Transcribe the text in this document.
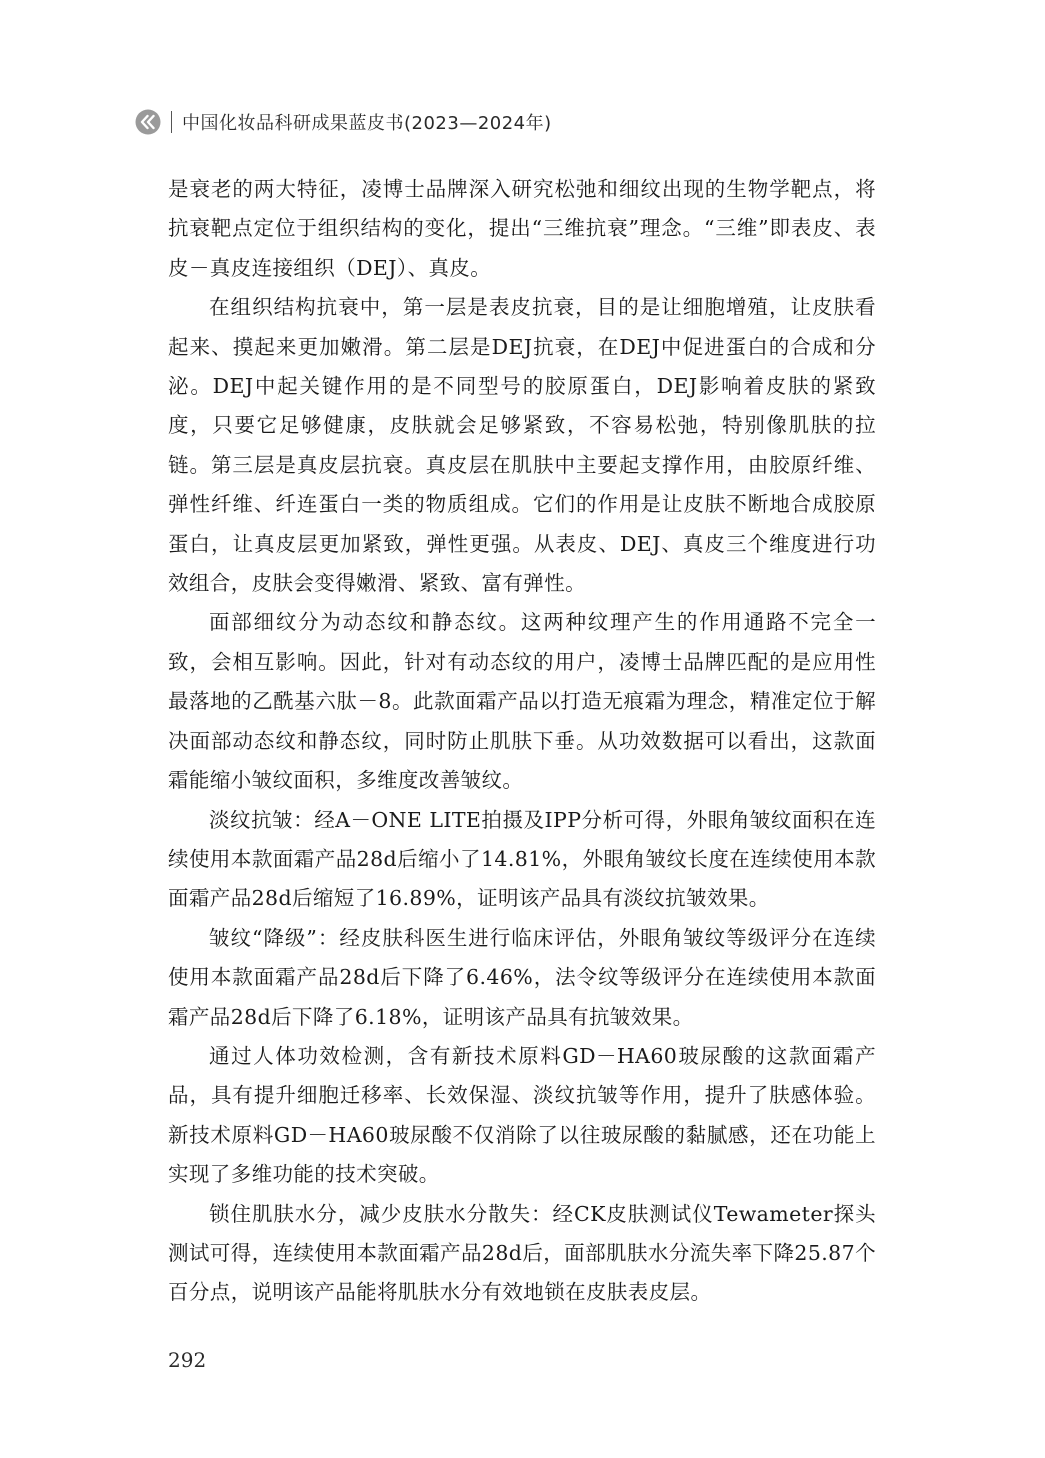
中国化妆品科研成果蓝皮书(2023—2024年)

是衰老的两大特征，凌博士品牌深入研究松弛和细纹出现的生物学靶点，将抗衰靶点定位于组织结构的变化，提出“三维抗衰”理念。“三维”即表皮、表皮－真皮连接组织（DEJ）、真皮。

在组织结构抗衰中，第一层是表皮抗衰，目的是让细胞增殖，让皮肤看起来、摸起来更加嫩滑。第二层是DEJ抗衰，在DEJ中促进蛋白的合成和分泌。DEJ中起关键作用的是不同型号的胶原蛋白，DEJ影响着皮肤的紧致度，只要它足够健康，皮肤就会足够紧致，不容易松弛，特别像肌肤的拉链。第三层是真皮层抗衰。真皮层在肌肤中主要起支撑作用，由胶原纤维、弹性纤维、纤连蛋白一类的物质组成。它们的作用是让皮肤不断地合成胶原蛋白，让真皮层更加紧致，弹性更强。从表皮、DEJ、真皮三个维度进行功效组合，皮肤会变得嫩滑、紧致、富有弹性。

面部细纹分为动态纹和静态纹。这两种纹理产生的作用通路不完全一致，会相互影响。因此，针对有动态纹的用户，凌博士品牌匹配的是应用性最落地的乙酰基六肽－8。此款面霜产品以打造无痕霜为理念，精准定位于解决面部动态纹和静态纹，同时防止肌肤下垂。从功效数据可以看出，这款面霜能缩小皱纹面积，多维度改善皱纹。

淡纹抗皱：经A－ONE LITE拍摄及IPP分析可得，外眼角皱纹面积在连续使用本款面霜产品28d后缩小了14.81%，外眼角皱纹长度在连续使用本款面霜产品28d后缩短了16.89%，证明该产品具有淡纹抗皱效果。

皱纹“降级”：经皮肤科医生进行临床评估，外眼角皱纹等级评分在连续使用本款面霜产品28d后下降了6.46%，法令纹等级评分在连续使用本款面霜产品28d后下降了6.18%，证明该产品具有抗皱效果。

通过人体功效检测，含有新技术原料GD－HA60玻尿酸的这款面霜产品，具有提升细胞迁移率、长效保湿、淡纹抗皱等作用，提升了肤感体验。新技术原料GD－HA60玻尿酸不仅消除了以往玻尿酸的黏腻感，还在功能上实现了多维功能的技术突破。

锁住肌肤水分，减少皮肤水分散失：经CK皮肤测试仪Tewameter探头测试可得，连续使用本款面霜产品28d后，面部肌肤水分流失率下降25.87个百分点，说明该产品能将肌肤水分有效地锁在皮肤表皮层。

292
